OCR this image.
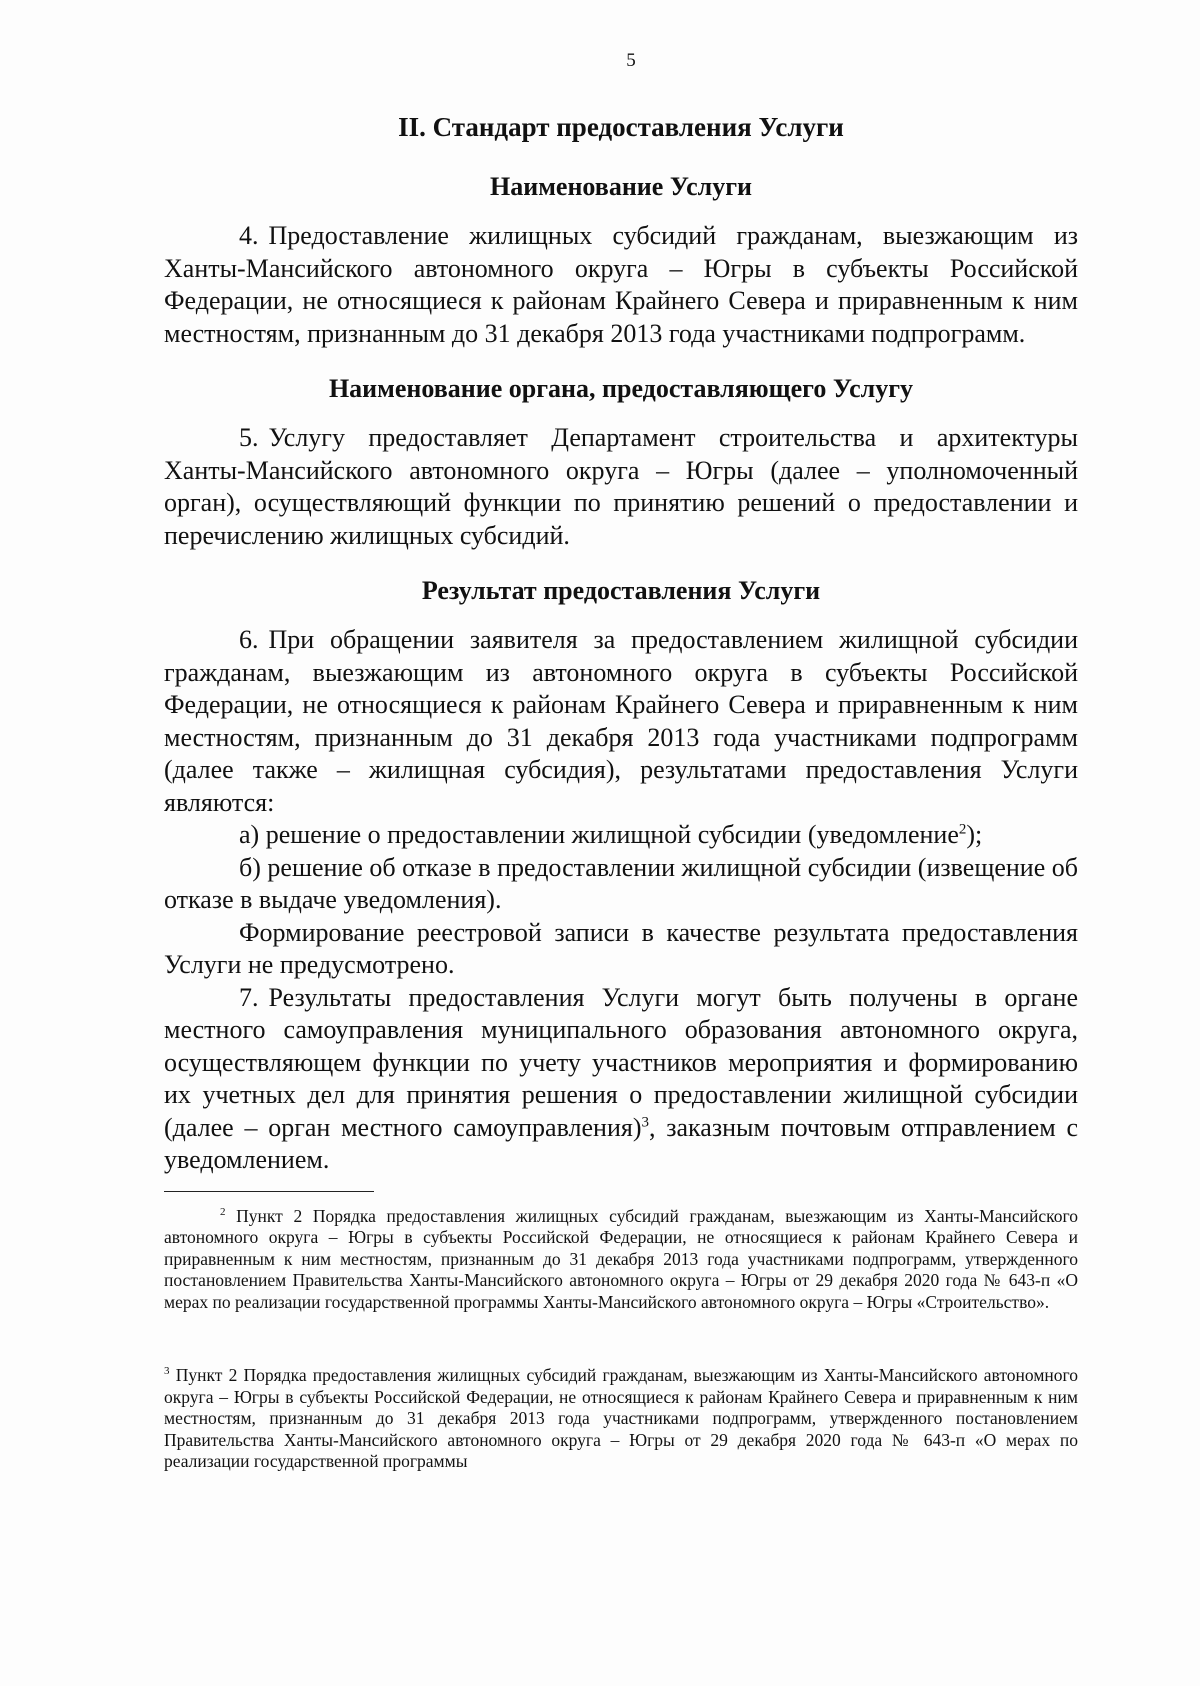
5
II. Стандарт предоставления Услуги
Наименование Услуги

4. Предоставление жилищных субсидий гражданам, выезжающим из Ханты-Мансийского автономного округа – Югры в субъекты Российской Федерации, не относящиеся к районам Крайнего Севера и приравненным к ним местностям, признанным до 31 декабря 2013 года участниками подпрограмм.

Наименование органа, предоставляющего Услугу

5. Услугу предоставляет Департамент строительства и архитектуры Ханты-Мансийского автономного округа – Югры (далее – уполномоченный орган), осуществляющий функции по принятию решений о предоставлении и перечислению жилищных субсидий.

Результат предоставления Услуги

6. При обращении заявителя за предоставлением жилищной субсидии гражданам, выезжающим из автономного округа в субъекты Российской Федерации, не относящиеся к районам Крайнего Севера и приравненным к ним местностям, признанным до 31 декабря 2013 года участниками подпрограмм (далее также – жилищная субсидия), результатами предоставления Услуги являются:

а) решение о предоставлении жилищной субсидии (уведомление$^2$);

б) решение об отказе в предоставлении жилищной субсидии (извещение об отказе в выдаче уведомления).

Формирование реестровой записи в качестве результата предоставления Услуги не предусмотрено.

7. Результаты предоставления Услуги могут быть получены в органе местного самоуправления муниципального образования автономного округа, осуществляющем функции по учету участников мероприятия и формированию их учетных дел для принятия решения о предоставлении жилищной субсидии (далее – орган местного самоуправления)$^3$, заказным почтовым отправлением с уведомлением.

$^2$ Пункт 2 Порядка предоставления жилищных субсидий гражданам, выезжающим из Ханты-Мансийского автономного округа – Югры в субъекты Российской Федерации, не относящиеся к районам Крайнего Севера и приравненным к ним местностям, признанным до 31 декабря 2013 года участниками подпрограмм, утвержденного постановлением Правительства Ханты-Мансийского автономного округа – Югры от 29 декабря 2020 года № 643-п «О мерах по реализации государственной программы Ханты-Мансийского автономного округа – Югры «Строительство».

$^3$ Пункт 2 Порядка предоставления жилищных субсидий гражданам, выезжающим из Ханты-Мансийского автономного округа – Югры в субъекты Российской Федерации, не относящиеся к районам Крайнего Севера и приравненным к ним местностям, признанным до 31 декабря 2013 года участниками подпрограмм, утвержденного постановлением Правительства Ханты-Мансийского автономного округа – Югры от 29 декабря 2020 года № 643-п «О мерах по реализации государственной программы
